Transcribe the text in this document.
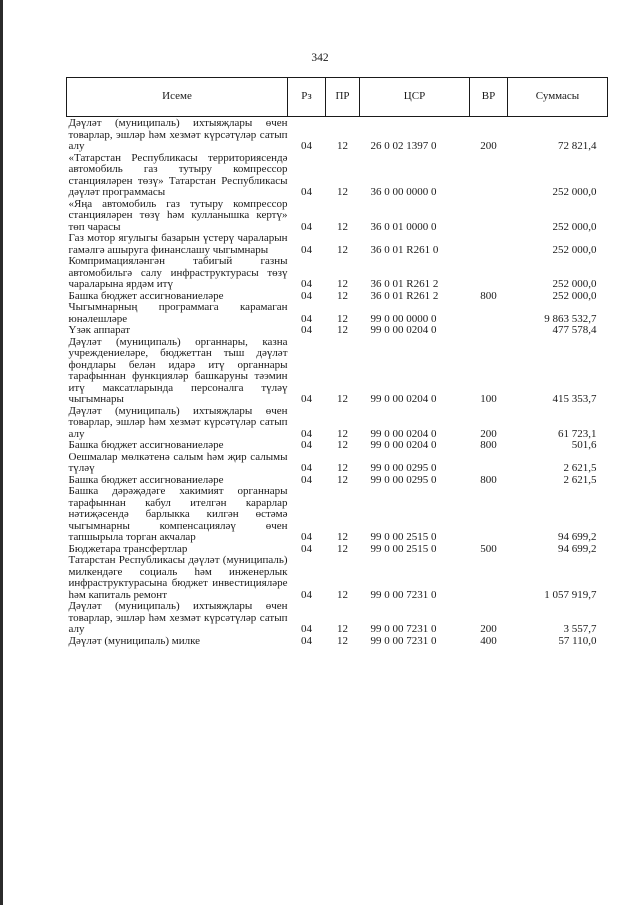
342
Исеме	Рз	ПР	ЦСР	ВР	Суммасы
Дәүләт (муниципаль) ихтыяҗлары өчен товарлар, эшләр һәм хезмәт күрсәтүләр сатып алу	04	12	26 0 02 1397 0	200	72 821,4
«Татарстан Республикасы территориясендә автомобиль газ тутыру компрессор станцияләрен төзү» Татарстан Республикасы дәүләт программасы	04	12	36 0 00 0000 0		252 000,0
«Яңа автомобиль газ тутыру компрессор станцияләрен төзү һәм кулланышка кертү» төп чарасы	04	12	36 0 01 0000 0		252 000,0
Газ мотор ягулыгы базарын үстерү чараларын гамәлгә ашыруга финанслашу чыгымнары	04	12	36 0 01 R261 0		252 000,0
Компримацияләнгән табигый газны автомобильгә салу инфраструктурасы төзү чараларына ярдәм итү	04	12	36 0 01 R261 2		252 000,0
Башка бюджет ассигнованиеләре	04	12	36 0 01 R261 2	800	252 000,0
Чыгымнарның программага карамаган юнәлешләре	04	12	99 0 00 0000 0		9 863 532,7
Үзәк аппарат	04	12	99 0 00 0204 0		477 578,4
Дәүләт (муниципаль) органнары, казна учреждениеләре, бюджеттан тыш дәүләт фондлары белән идарә итү органнары тарафыннан функцияләр башкаруны тәэмин итү максатларында персоналга түләү чыгымнары	04	12	99 0 00 0204 0	100	415 353,7
Дәүләт (муниципаль) ихтыяҗлары өчен товарлар, эшләр һәм хезмәт күрсәтүләр сатып алу	04	12	99 0 00 0204 0	200	61 723,1
Башка бюджет ассигнованиеләре	04	12	99 0 00 0204 0	800	501,6
Оешмалар мөлкәтенә салым һәм җир салымы түләү	04	12	99 0 00 0295 0		2 621,5
Башка бюджет ассигнованиеләре	04	12	99 0 00 0295 0	800	2 621,5
Башка дәрәҗәдәге хакимият органнары тарафыннан кабул ителгән карарлар нәтиҗәсендә барлыкка килгән өстәмә чыгымнарны компенсацияләү өчен тапшырыла торган акчалар	04	12	99 0 00 2515 0		94 699,2
Бюджетара трансфертлар	04	12	99 0 00 2515 0	500	94 699,2
Татарстан Республикасы дәүләт (муниципаль) милкендәге социаль һәм инженерлык инфраструктурасына бюджет инвестицияләре һәм капиталь ремонт	04	12	99 0 00 7231 0		1 057 919,7
Дәүләт (муниципаль) ихтыяҗлары өчен товарлар, эшләр һәм хезмәт күрсәтүләр сатып алу	04	12	99 0 00 7231 0	200	3 557,7
Дәүләт (муниципаль) милке	04	12	99 0 00 7231 0	400	57 110,0
